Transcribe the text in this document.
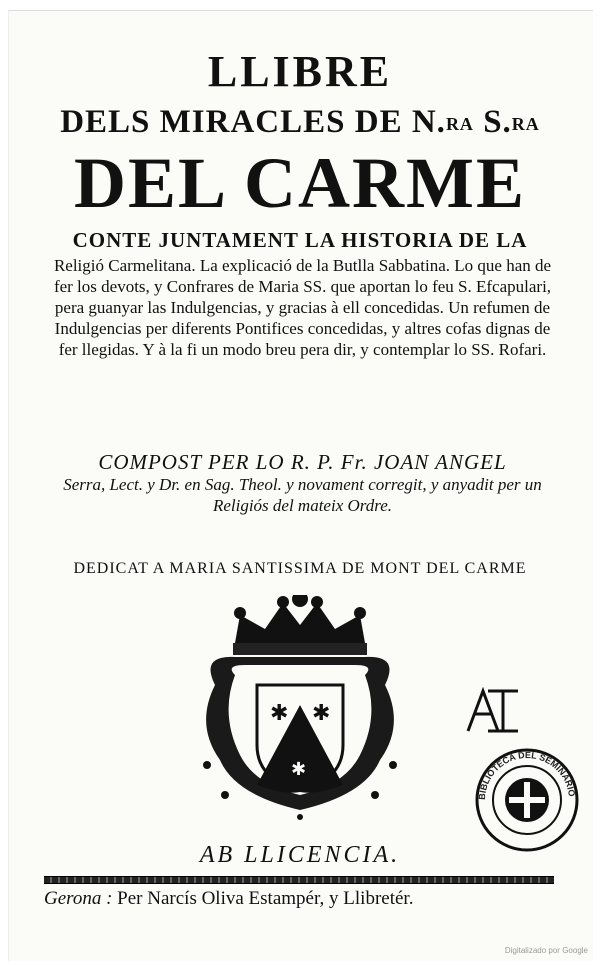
LLIBRE
DELS MIRACLES DE N.RA S.RA
DEL CARME
CONTE JUNTAMENT LA HISTORIA DE LA
Religió Carmelitana. La explicació de la Butlla Sabbatina. Lo que han de fer los devots, y Confrares de Maria SS. que aportan lo feu S. Efcapulari, pera guanyar las Indulgencias, y gracias à ell concedidas. Un refumen de Indulgencias per diferents Pontifices concedidas, y altres cofas dignas de fer llegidas. Y à la fi un modo breu pera dir, y contemplar lo SS. Rofari.
COMPOST PER LO R. P. Fr. JOAN ANGEL
Serra, Lect. y Dr. en Sag. Theol. y novament corregit, y anyadit per un Religiós del mateix Ordre.
DEDICAT A MARIA SANTISSIMA DE MONT DEL CARME
✱ ✱
✱
BIBLIOTECA DEL SEMINARIO
AB LLICENCIA.
Gerona : Per Narcís Oliva Estampér, y Llibretér.
Digitalizado por Google
